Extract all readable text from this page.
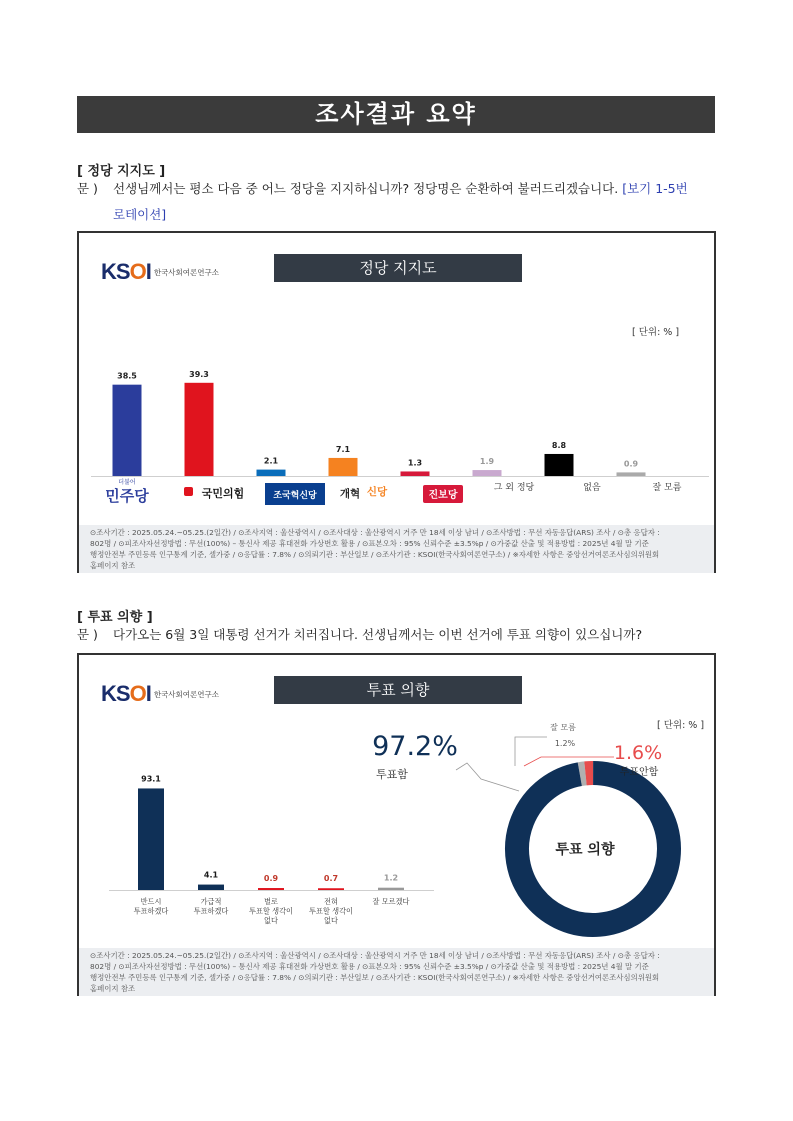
조사결과 요약
[ 정당 지지도 ]
문 ) 선생님께서는 평소 다음 중 어느 정당을 지지하십니까? 정당명은 순환하여 불러드리겠습니다. [보기 1-5번
로테이션]
KSOI 한국사회여론연구소	정당 지지도
[ 단위: % ]
38.5	39.3
2.1
7.1
1.3	1.9
8.8
0.9
더불어
민주당	국민의힘	조국혁신당 개혁 신당	진보당
그 외 정당	없음	잘 모름
⊙조사기간 : 2025.05.24.~05.25.(2일간) / ⊙조사지역 : 울산광역시 / ⊙조사대상 : 울산광역시 거주 만 18세 이상 남녀 / ⊙조사방법 : 무선 자동응답(ARS) 조사 / ⊙총 응답자 :
802명 / ⊙피조사자선정방법 : 무선(100%) – 통신사 제공 휴대전화 가상번호 활용 / ⊙표본오차 : 95% 신뢰수준 ±3.5%p / ⊙가중값 산출 및 적용방법 : 2025년 4월 말 기준
행정안전부 주민등록 인구통계 기준, 셀가중 / ⊙응답률 : 7.8% / ⊙의뢰기관 : 부산일보 / ⊙조사기관 : KSOI(한국사회여론연구소) / ※자세한 사항은 중앙선거여론조사심의위원회
홈페이지 참조
[ 투표 의향 ]
문 ) 다가오는 6월 3일 대통령 선거가 치러집니다. 선생님께서는 이번 선거에 투표 의향이 있으십니까?
KSOI 한국사회여론연구소	투표 의향
[ 단위: % ]
93.1
반드시
투표하겠다
4.1
가급적
투표하겠다
0.9
별로
투표할 생각이
없다
0.7
전혀
투표할 생각이
없다
1.2
잘 모르겠다
투표 의향
97.2%
투표함
잘 모름
1.2% 1.6%
투표안함
⊙조사기간 : 2025.05.24.~05.25.(2일간) / ⊙조사지역 : 울산광역시 / ⊙조사대상 : 울산광역시 거주 만 18세 이상 남녀 / ⊙조사방법 : 무선 자동응답(ARS) 조사 / ⊙총 응답자 :
802명 / ⊙피조사자선정방법 : 무선(100%) – 통신사 제공 휴대전화 가상번호 활용 / ⊙표본오차 : 95% 신뢰수준 ±3.5%p / ⊙가중값 산출 및 적용방법 : 2025년 4월 말 기준
행정안전부 주민등록 인구통계 기준, 셀가중 / ⊙응답률 : 7.8% / ⊙의뢰기관 : 부산일보 / ⊙조사기관 : KSOI(한국사회여론연구소) / ※자세한 사항은 중앙선거여론조사심의위원회
홈페이지 참조
